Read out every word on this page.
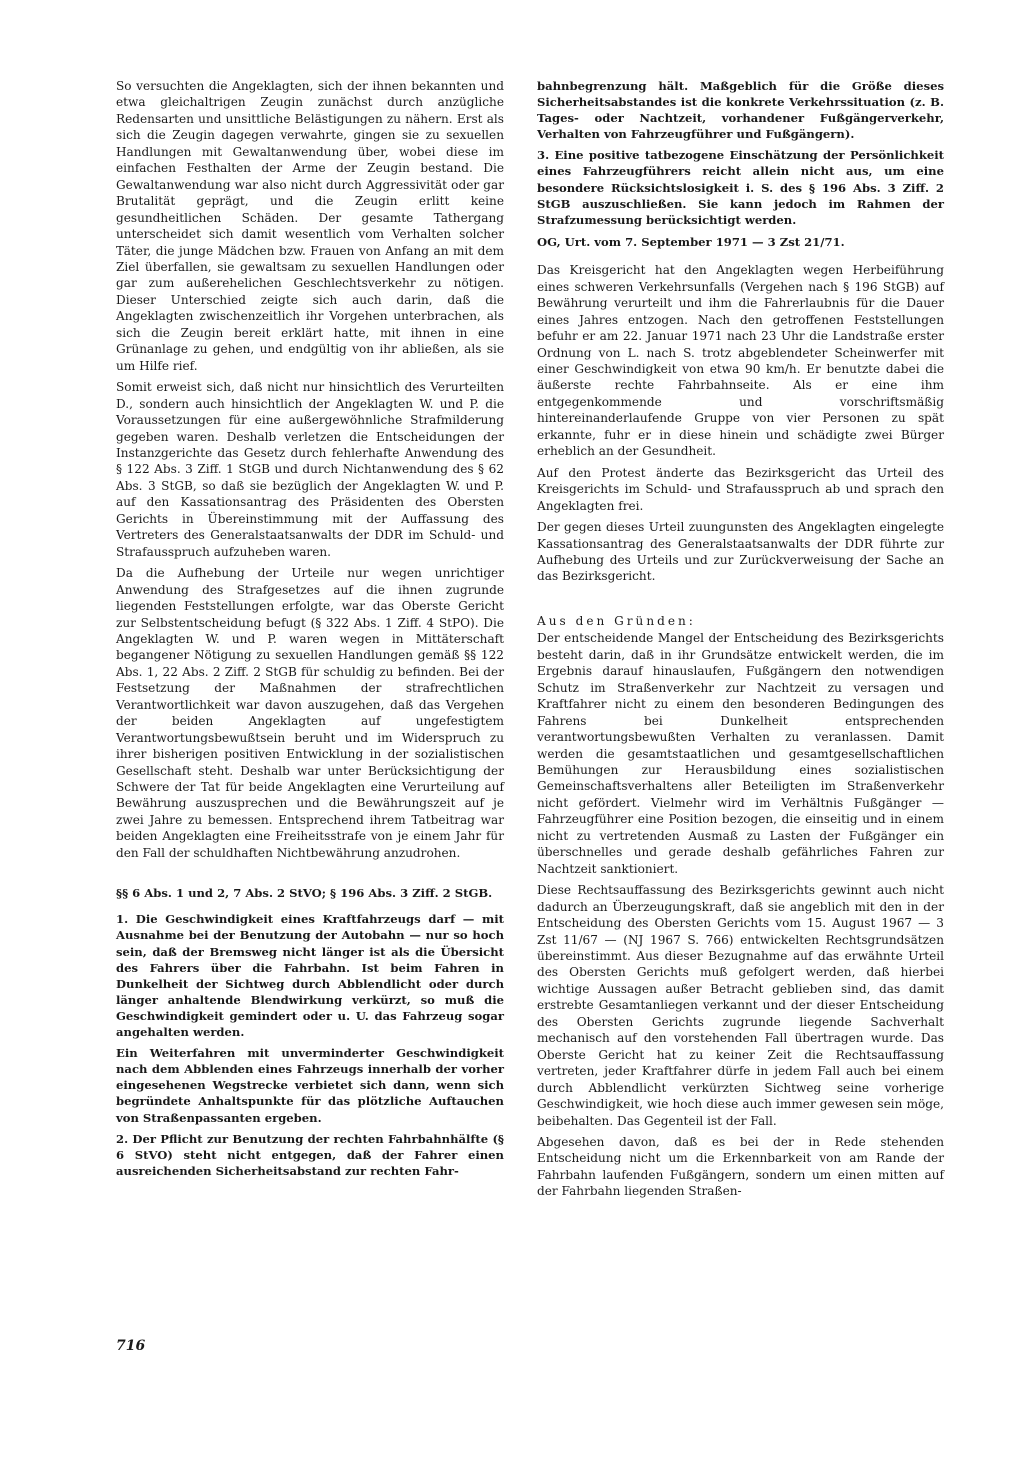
So versuchten die Angeklagten, sich der ihnen bekannten und etwa gleichaltrigen Zeugin zunächst durch anzügliche Redensarten und unsittliche Belästigungen zu nähern. Erst als sich die Zeugin dagegen verwahrte, gingen sie zu sexuellen Handlungen mit Gewaltanwendung über, wobei diese im einfachen Festhalten der Arme der Zeugin bestand. Die Gewaltanwendung war also nicht durch Aggressivität oder gar Brutalität geprägt, und die Zeugin erlitt keine gesundheitlichen Schäden. Der gesamte Tathergang unterscheidet sich damit wesentlich vom Verhalten solcher Täter, die junge Mädchen bzw. Frauen von Anfang an mit dem Ziel überfallen, sie gewaltsam zu sexuellen Handlungen oder gar zum außerehelichen Geschlechtsverkehr zu nötigen. Dieser Unterschied zeigte sich auch darin, daß die Angeklagten zwischenzeitlich ihr Vorgehen unterbrachen, als sich die Zeugin bereit erklärt hatte, mit ihnen in eine Grünanlage zu gehen, und endgültig von ihr abließen, als sie um Hilfe rief.

Somit erweist sich, daß nicht nur hinsichtlich des Verurteilten D., sondern auch hinsichtlich der Angeklagten W. und P. die Voraussetzungen für eine außergewöhnliche Strafmilderung gegeben waren. Deshalb verletzen die Entscheidungen der Instanzgerichte das Gesetz durch fehlerhafte Anwendung des § 122 Abs. 3 Ziff. 1 StGB und durch Nichtanwendung des § 62 Abs. 3 StGB, so daß sie bezüglich der Angeklagten W. und P. auf den Kassationsantrag des Präsidenten des Obersten Gerichts in Übereinstimmung mit der Auffassung des Vertreters des Generalstaatsanwalts der DDR im Schuld- und Strafausspruch aufzuheben waren.

Da die Aufhebung der Urteile nur wegen unrichtiger Anwendung des Strafgesetzes auf die ihnen zugrunde liegenden Feststellungen erfolgte, war das Oberste Gericht zur Selbstentscheidung befugt (§ 322 Abs. 1 Ziff. 4 StPO). Die Angeklagten W. und P. waren wegen in Mittäterschaft begangener Nötigung zu sexuellen Handlungen gemäß §§ 122 Abs. 1, 22 Abs. 2 Ziff. 2 StGB für schuldig zu befinden. Bei der Festsetzung der Maßnahmen der strafrechtlichen Verantwortlichkeit war davon auszugehen, daß das Vergehen der beiden Angeklagten auf ungefestigtem Verantwortungsbewußtsein beruht und im Widerspruch zu ihrer bisherigen positiven Entwicklung in der sozialistischen Gesellschaft steht. Deshalb war unter Berücksichtigung der Schwere der Tat für beide Angeklagten eine Verurteilung auf Bewährung auszusprechen und die Bewährungszeit auf je zwei Jahre zu bemessen. Entsprechend ihrem Tatbeitrag war beiden Angeklagten eine Freiheitsstrafe von je einem Jahr für den Fall der schuldhaften Nichtbewährung anzudrohen.

§§ 6 Abs. 1 und 2, 7 Abs. 2 StVO; § 196 Abs. 3 Ziff. 2 StGB.

1. Die Geschwindigkeit eines Kraftfahrzeugs darf — mit Ausnahme bei der Benutzung der Autobahn — nur so hoch sein, daß der Bremsweg nicht länger ist als die Übersicht des Fahrers über die Fahrbahn. Ist beim Fahren in Dunkelheit der Sichtweg durch Abblendlicht oder durch länger anhaltende Blendwirkung verkürzt, so muß die Geschwindigkeit gemindert oder u. U. das Fahrzeug sogar angehalten werden.

Ein Weiterfahren mit unverminderter Geschwindigkeit nach dem Abblenden eines Fahrzeugs innerhalb der vorher eingesehenen Wegstrecke verbietet sich dann, wenn sich begründete Anhaltspunkte für das plötzliche Auftauchen von Straßenpassanten ergeben.

2. Der Pflicht zur Benutzung der rechten Fahrbahnhälfte (§ 6 StVO) steht nicht entgegen, daß der Fahrer einen ausreichenden Sicherheitsabstand zur rechten Fahr-

bahnbegrenzung hält. Maßgeblich für die Größe dieses Sicherheitsabstandes ist die konkrete Verkehrssituation (z. B. Tages- oder Nachtzeit, vorhandener Fußgängerverkehr, Verhalten von Fahrzeugführer und Fußgängern).

3. Eine positive tatbezogene Einschätzung der Persönlichkeit eines Fahrzeugführers reicht allein nicht aus, um eine besondere Rücksichtslosigkeit i. S. des § 196 Abs. 3 Ziff. 2 StGB auszuschließen. Sie kann jedoch im Rahmen der Strafzumessung berücksichtigt werden.

OG, Urt. vom 7. September 1971 — 3 Zst 21/71.

Das Kreisgericht hat den Angeklagten wegen Herbeiführung eines schweren Verkehrsunfalls (Vergehen nach § 196 StGB) auf Bewährung verurteilt und ihm die Fahrerlaubnis für die Dauer eines Jahres entzogen. Nach den getroffenen Feststellungen befuhr er am 22. Januar 1971 nach 23 Uhr die Landstraße erster Ordnung von L. nach S. trotz abgeblendeter Scheinwerfer mit einer Geschwindigkeit von etwa 90 km/h. Er benutzte dabei die äußerste rechte Fahrbahnseite. Als er eine ihm entgegenkommende und vorschriftsmäßig hintereinanderlaufende Gruppe von vier Personen zu spät erkannte, fuhr er in diese hinein und schädigte zwei Bürger erheblich an der Gesundheit.

Auf den Protest änderte das Bezirksgericht das Urteil des Kreisgerichts im Schuld- und Strafausspruch ab und sprach den Angeklagten frei.

Der gegen dieses Urteil zuungunsten des Angeklagten eingelegte Kassationsantrag des Generalstaatsanwalts der DDR führte zur Aufhebung des Urteils und zur Zurückverweisung der Sache an das Bezirksgericht.

Aus den Gründen:

Der entscheidende Mangel der Entscheidung des Bezirksgerichts besteht darin, daß in ihr Grundsätze entwickelt werden, die im Ergebnis darauf hinauslaufen, Fußgängern den notwendigen Schutz im Straßenverkehr zur Nachtzeit zu versagen und Kraftfahrer nicht zu einem den besonderen Bedingungen des Fahrens bei Dunkelheit entsprechenden verantwortungsbewußten Verhalten zu veranlassen. Damit werden die gesamtstaatlichen und gesamtgesellschaftlichen Bemühungen zur Herausbildung eines sozialistischen Gemeinschaftsverhaltens aller Beteiligten im Straßenverkehr nicht gefördert. Vielmehr wird im Verhältnis Fußgänger — Fahrzeugführer eine Position bezogen, die einseitig und in einem nicht zu vertretenden Ausmaß zu Lasten der Fußgänger ein überschnelles und gerade deshalb gefährliches Fahren zur Nachtzeit sanktioniert.

Diese Rechtsauffassung des Bezirksgerichts gewinnt auch nicht dadurch an Überzeugungskraft, daß sie angeblich mit den in der Entscheidung des Obersten Gerichts vom 15. August 1967 — 3 Zst 11/67 — (NJ 1967 S. 766) entwickelten Rechtsgrundsätzen übereinstimmt. Aus dieser Bezugnahme auf das erwähnte Urteil des Obersten Gerichts muß gefolgert werden, daß hierbei wichtige Aussagen außer Betracht geblieben sind, das damit erstrebte Gesamtanliegen verkannt und der dieser Entscheidung des Obersten Gerichts zugrunde liegende Sachverhalt mechanisch auf den vorstehenden Fall übertragen wurde. Das Oberste Gericht hat zu keiner Zeit die Rechtsauffassung vertreten, jeder Kraftfahrer dürfe in jedem Fall auch bei einem durch Abblendlicht verkürzten Sichtweg seine vorherige Geschwindigkeit, wie hoch diese auch immer gewesen sein möge, beibehalten. Das Gegenteil ist der Fall.

Abgesehen davon, daß es bei der in Rede stehenden Entscheidung nicht um die Erkennbarkeit von am Rande der Fahrbahn laufenden Fußgängern, sondern um einen mitten auf der Fahrbahn liegenden Straßen-

716
